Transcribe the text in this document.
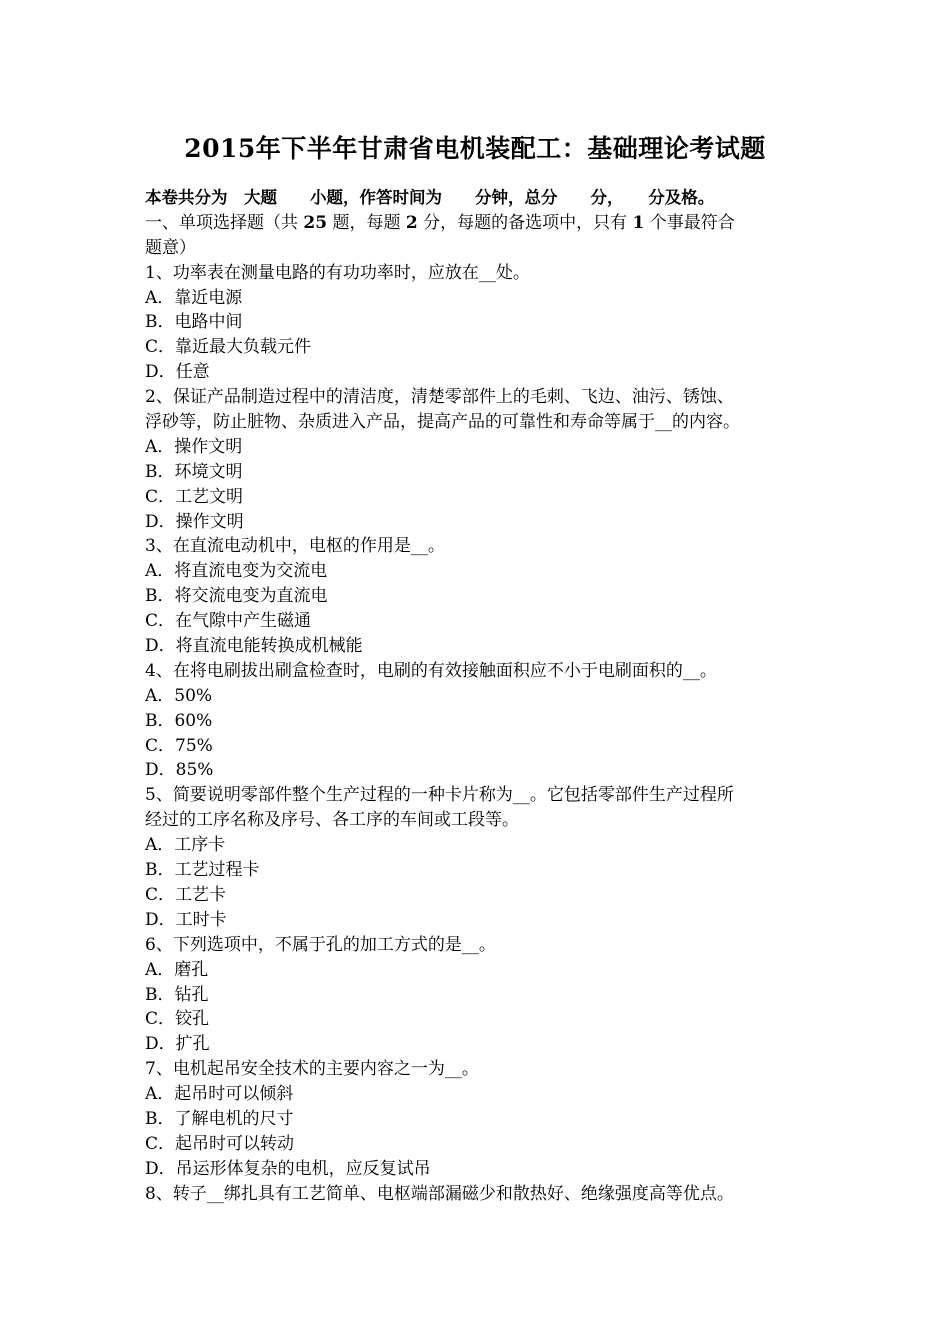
2015年下半年甘肃省电机装配工：基础理论考试题
本卷共分为　大题　　小题，作答时间为　　分钟，总分　　分，　　分及格。
一、单项选择题（共 25 题，每题 2 分，每题的备选项中，只有 1 个事最符合
题意）
1、功率表在测量电路的有功功率时，应放在__处。
A．靠近电源
B．电路中间
C．靠近最大负载元件
D．任意
2、保证产品制造过程中的清洁度，清楚零部件上的毛刺、飞边、油污、锈蚀、
浮砂等，防止脏物、杂质进入产品，提高产品的可靠性和寿命等属于__的内容。
A．操作文明
B．环境文明
C．工艺文明
D．操作文明
3、在直流电动机中，电枢的作用是__。
A．将直流电变为交流电
B．将交流电变为直流电
C．在气隙中产生磁通
D．将直流电能转换成机械能
4、在将电刷拔出刷盒检查时，电刷的有效接触面积应不小于电刷面积的__。
A．50%
B．60%
C．75%
D．85%
5、简要说明零部件整个生产过程的一种卡片称为__。它包括零部件生产过程所
经过的工序名称及序号、各工序的车间或工段等。
A．工序卡
B．工艺过程卡
C．工艺卡
D．工时卡
6、下列选项中，不属于孔的加工方式的是__。
A．磨孔
B．钻孔
C．铰孔
D．扩孔
7、电机起吊安全技术的主要内容之一为__。
A．起吊时可以倾斜
B．了解电机的尺寸
C．起吊时可以转动
D．吊运形体复杂的电机，应反复试吊
8、转子__绑扎具有工艺简单、电枢端部漏磁少和散热好、绝缘强度高等优点。
